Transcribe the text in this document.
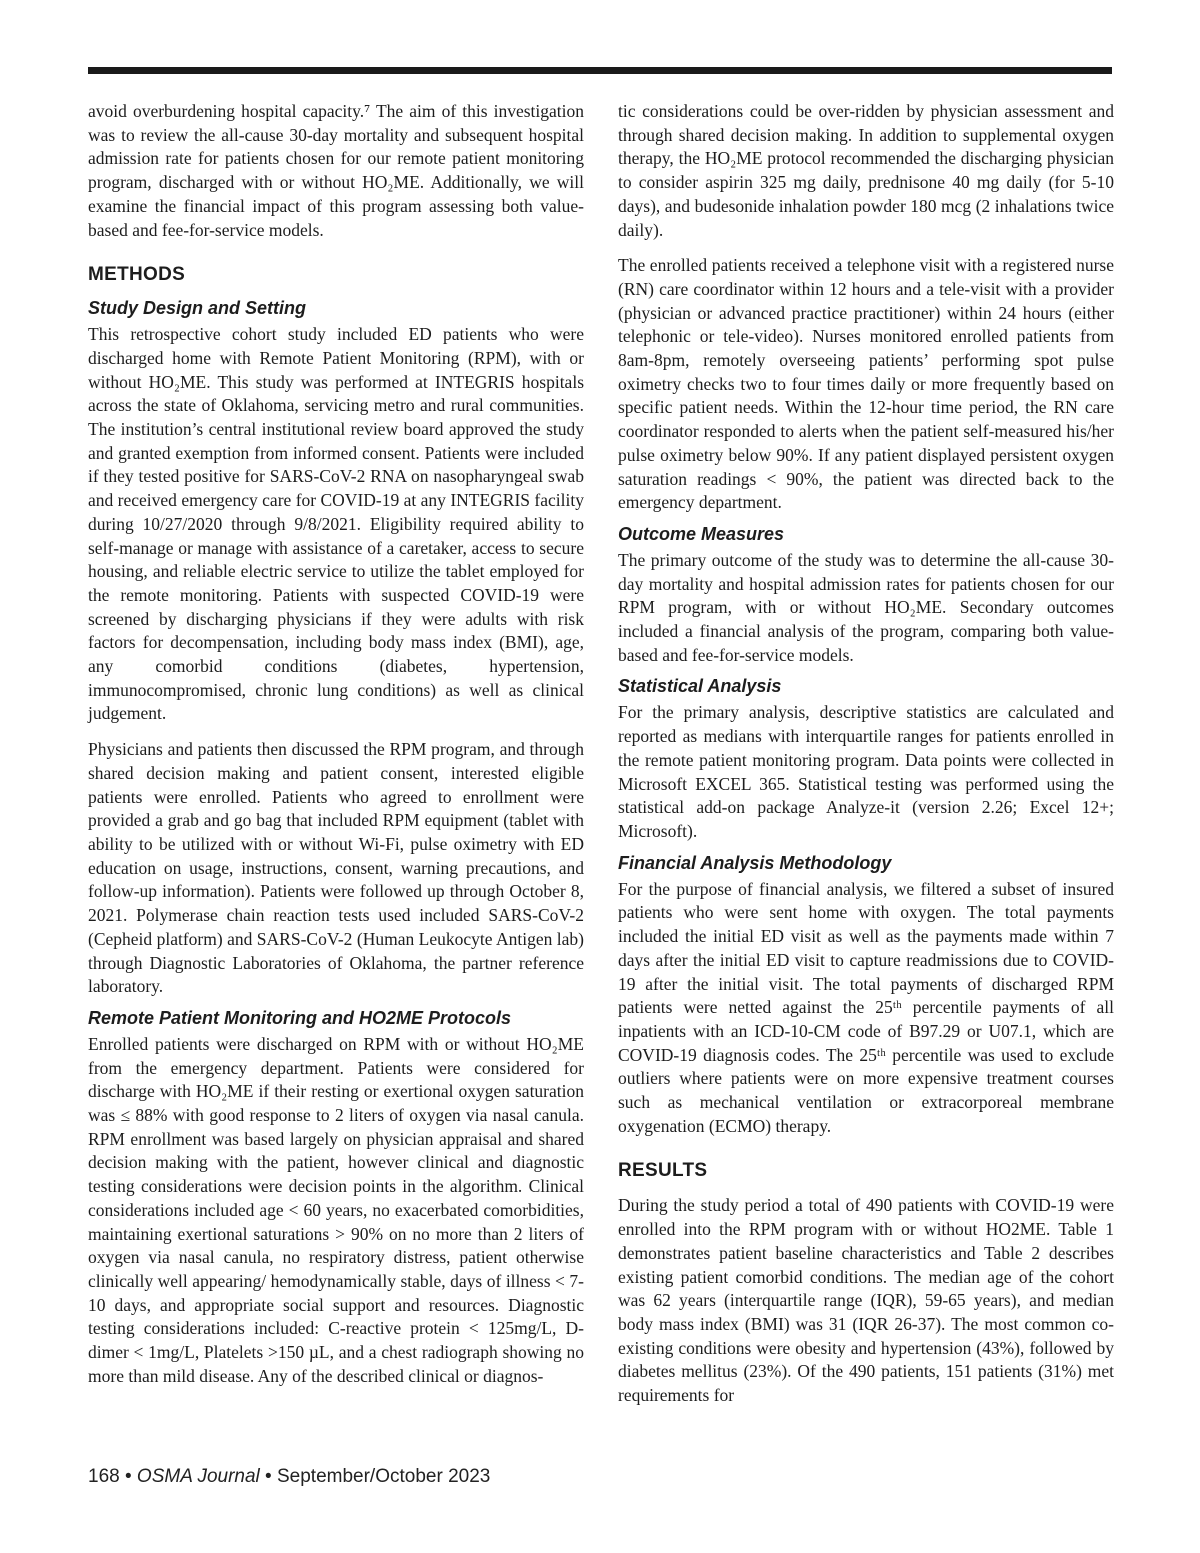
avoid overburdening hospital capacity.⁷ The aim of this investigation was to review the all-cause 30-day mortality and subsequent hospital admission rate for patients chosen for our remote patient monitoring program, discharged with or without HO₂ME. Additionally, we will examine the financial impact of this program assessing both value-based and fee-for-service models.

METHODS
Study Design and Setting

This retrospective cohort study included ED patients who were discharged home with Remote Patient Monitoring (RPM), with or without HO₂ME. This study was performed at INTEGRIS hospitals across the state of Oklahoma, servicing metro and rural communities. The institution’s central institutional review board approved the study and granted exemption from informed consent. Patients were included if they tested positive for SARS-CoV-2 RNA on nasopharyngeal swab and received emergency care for COVID-19 at any INTEGRIS facility during 10/27/2020 through 9/8/2021. Eligibility required ability to self-manage or manage with assistance of a caretaker, access to secure housing, and reliable electric service to utilize the tablet employed for the remote monitoring. Patients with suspected COVID-19 were screened by discharging physicians if they were adults with risk factors for decompensation, including body mass index (BMI), age, any comorbid conditions (diabetes, hypertension, immunocompromised, chronic lung conditions) as well as clinical judgement.

Physicians and patients then discussed the RPM program, and through shared decision making and patient consent, interested eligible patients were enrolled. Patients who agreed to enrollment were provided a grab and go bag that included RPM equipment (tablet with ability to be utilized with or without Wi-Fi, pulse oximetry with ED education on usage, instructions, consent, warning precautions, and follow-up information). Patients were followed up through October 8, 2021. Polymerase chain reaction tests used included SARS-CoV-2 (Cepheid platform) and SARS-CoV-2 (Human Leukocyte Antigen lab) through Diagnostic Laboratories of Oklahoma, the partner reference laboratory.

Remote Patient Monitoring and HO2ME Protocols

Enrolled patients were discharged on RPM with or without HO₂ME from the emergency department. Patients were considered for discharge with HO₂ME if their resting or exertional oxygen saturation was ≤ 88% with good response to 2 liters of oxygen via nasal canula. RPM enrollment was based largely on physician appraisal and shared decision making with the patient, however clinical and diagnostic testing considerations were decision points in the algorithm. Clinical considerations included age < 60 years, no exacerbated comorbidities, maintaining exertional saturations > 90% on no more than 2 liters of oxygen via nasal canula, no respiratory distress, patient otherwise clinically well appearing/ hemodynamically stable, days of illness < 7-10 days, and appropriate social support and resources. Diagnostic testing considerations included: C-reactive protein < 125mg/L, D-dimer < 1mg/L, Platelets >150 µL, and a chest radiograph showing no more than mild disease. Any of the described clinical or diagnos-

tic considerations could be over-ridden by physician assessment and through shared decision making. In addition to supplemental oxygen therapy, the HO₂ME protocol recommended the discharging physician to consider aspirin 325 mg daily, prednisone 40 mg daily (for 5-10 days), and budesonide inhalation powder 180 mcg (2 inhalations twice daily).

The enrolled patients received a telephone visit with a registered nurse (RN) care coordinator within 12 hours and a tele-visit with a provider (physician or advanced practice practitioner) within 24 hours (either telephonic or tele-video). Nurses monitored enrolled patients from 8am-8pm, remotely overseeing patients’ performing spot pulse oximetry checks two to four times daily or more frequently based on specific patient needs. Within the 12-hour time period, the RN care coordinator responded to alerts when the patient self-measured his/her pulse oximetry below 90%. If any patient displayed persistent oxygen saturation readings < 90%, the patient was directed back to the emergency department.

Outcome Measures

The primary outcome of the study was to determine the all-cause 30-day mortality and hospital admission rates for patients chosen for our RPM program, with or without HO₂ME. Secondary outcomes included a financial analysis of the program, comparing both value-based and fee-for-service models.

Statistical Analysis

For the primary analysis, descriptive statistics are calculated and reported as medians with interquartile ranges for patients enrolled in the remote patient monitoring program. Data points were collected in Microsoft EXCEL 365. Statistical testing was performed using the statistical add-on package Analyze-it (version 2.26; Excel 12+; Microsoft).

Financial Analysis Methodology

For the purpose of financial analysis, we filtered a subset of insured patients who were sent home with oxygen. The total payments included the initial ED visit as well as the payments made within 7 days after the initial ED visit to capture readmissions due to COVID-19 after the initial visit. The total payments of discharged RPM patients were netted against the 25ᵗʰ percentile payments of all inpatients with an ICD-10-CM code of B97.29 or U07.1, which are COVID-19 diagnosis codes. The 25ᵗʰ percentile was used to exclude outliers where patients were on more expensive treatment courses such as mechanical ventilation or extracorporeal membrane oxygenation (ECMO) therapy.

RESULTS

During the study period a total of 490 patients with COVID-19 were enrolled into the RPM program with or without HO2ME. Table 1 demonstrates patient baseline characteristics and Table 2 describes existing patient comorbid conditions. The median age of the cohort was 62 years (interquartile range (IQR), 59-65 years), and median body mass index (BMI) was 31 (IQR 26-37). The most common co-existing conditions were obesity and hypertension (43%), followed by diabetes mellitus (23%). Of the 490 patients, 151 patients (31%) met requirements for

168 • OSMA Journal • September/October 2023
